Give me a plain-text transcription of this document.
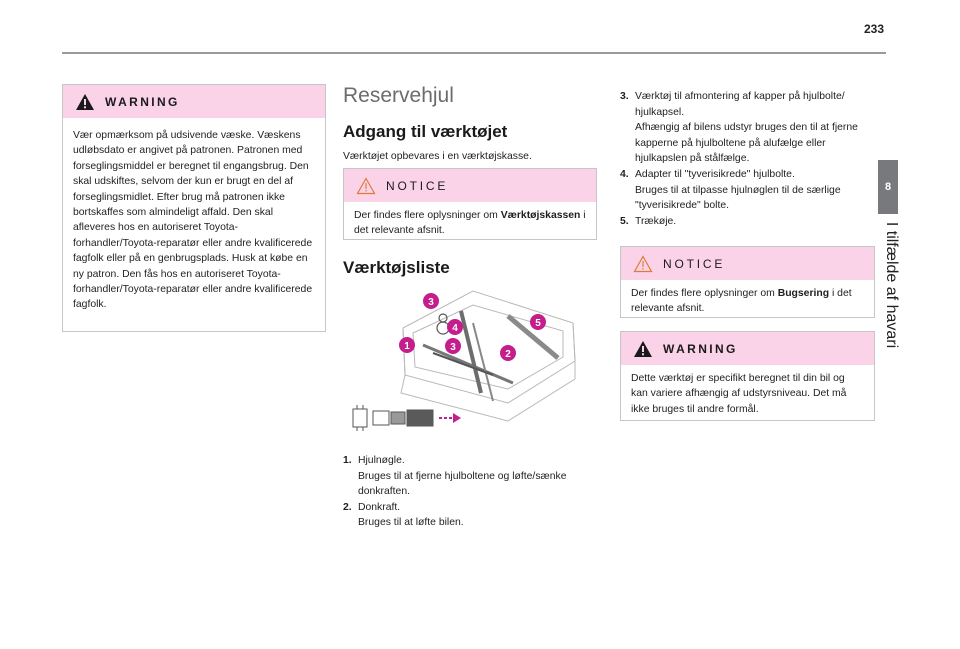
233
8
I tilfælde af havari
WARNING
Vær opmærksom på udsivende væske. Væskens udløbsdato er angivet på patronen. Patronen med forseglingsmiddel er beregnet til engangsbrug. Den skal udskiftes, selvom der kun er brugt en del af forseglingsmidlet. Efter brug må patronen ikke bortskaffes som almindeligt affald. Den skal afleveres hos en autoriseret Toyota-forhandler/Toyota-reparatør eller andre kvalificerede fagfolk eller på en genbrugsplads. Husk at købe en ny patron. Den fås hos en autoriseret Toyota-forhandler/Toyota-reparatør eller andre kvalificerede fagfolk.
Reservehjul
Adgang til værktøjet
Værktøjet opbevares i en værktøjskasse.
NOTICE
Der findes flere oplysninger om Værktøjskassen i det relevante afsnit.
Værktøjsliste
1
2
3
3
4	5
1. Hjulnøgle.
Bruges til at fjerne hjulboltene og løfte/sænke donkraften.
2. Donkraft.
Bruges til at løfte bilen.
3. Værktøj til afmontering af kapper på hjulbolte/ hjulkapsel.
Afhængig af bilens udstyr bruges den til at fjerne kapperne på hjulboltene på alufælge eller hjulkapslen på stålfælge.
4. Adapter til "tyverisikrede" hjulbolte.
Bruges til at tilpasse hjulnøglen til de særlige "tyverisikrede" bolte.
5. Trækøje.
NOTICE
Der findes flere oplysninger om Bugsering i det relevante afsnit.
WARNING
Dette værktøj er specifikt beregnet til din bil og kan variere afhængig af udstyrsniveau. Det må ikke bruges til andre formål.
